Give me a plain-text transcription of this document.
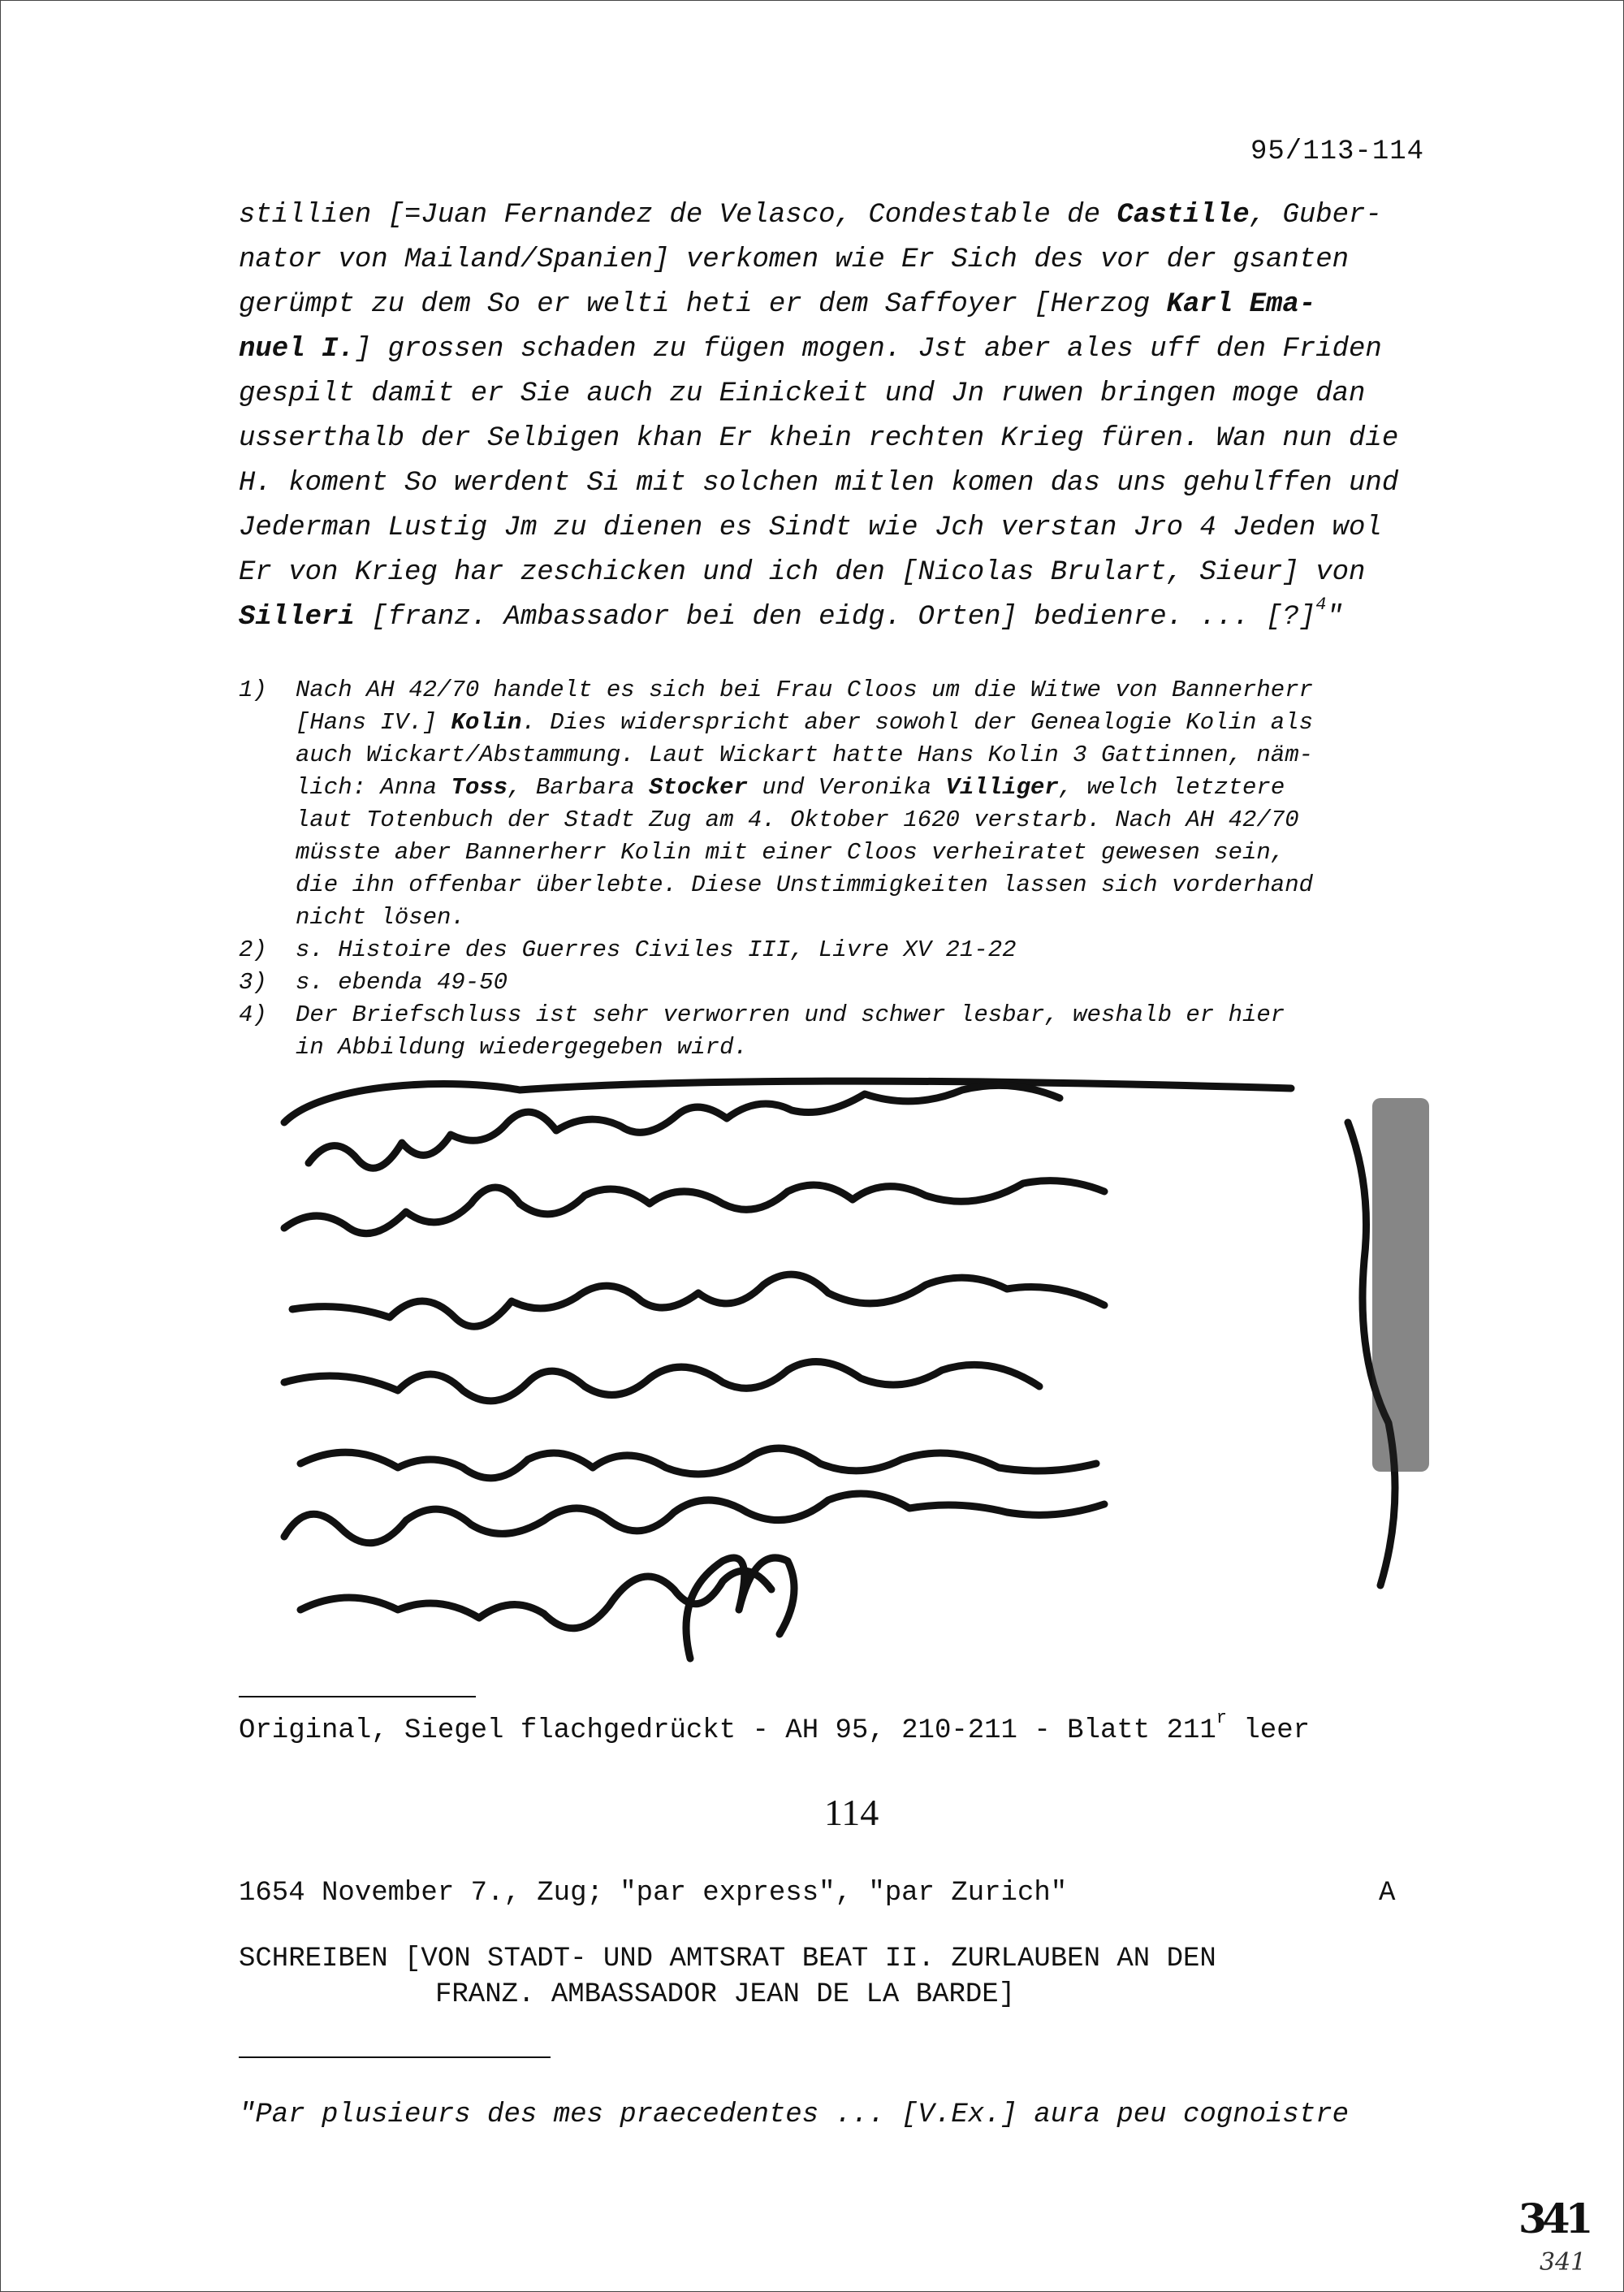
95/113-114
stillien [=Juan Fernandez de Velasco, Condestable de Castille, Guber-
nator von Mailand/Spanien] verkomen wie Er Sich des vor der gsanten
gerümpt zu dem So er welti heti er dem Saffoyer [Herzog Karl Ema-
nuel I.] grossen schaden zu fügen mogen. Jst aber ales uff den Friden
gespilt damit er Sie auch zu Einickeit und Jn ruwen bringen moge dan
usserthalb der Selbigen khan Er khein rechten Krieg füren. Wan nun die
H. koment So werdent Si mit solchen mitlen komen das uns gehulffen und
Jederman Lustig Jm zu dienen es Sindt wie Jch verstan Jro 4 Jeden wol
Er von Krieg har zeschicken und ich den [Nicolas Brulart, Sieur] von
Silleri [franz. Ambassador bei den eidg. Orten] bedienre. ... [?]$^4$"
1) Nach AH 42/70 handelt es sich bei Frau Cloos um die Witwe von Bannerherr
[Hans IV.] Kolin. Dies widerspricht aber sowohl der Genealogie Kolin als
auch Wickart/Abstammung. Laut Wickart hatte Hans Kolin 3 Gattinnen, näm-
lich: Anna Toss, Barbara Stocker und Veronika Villiger, welch letztere
laut Totenbuch der Stadt Zug am 4. Oktober 1620 verstarb. Nach AH 42/70
müsste aber Bannerherr Kolin mit einer Cloos verheiratet gewesen sein,
die ihn offenbar überlebte. Diese Unstimmigkeiten lassen sich vorderhand
nicht lösen.
2) s. Histoire des Guerres Civiles III, Livre XV 21-22
3) s. ebenda 49-50
4) Der Briefschluss ist sehr verworren und schwer lesbar, weshalb er hier
in Abbildung wiedergegeben wird.
Original, Siegel flachgedrückt - AH 95, 210-211 - Blatt 211$^r$ leer
114
1654 November 7., Zug; "par express", "par Zurich"	A
SCHREIBEN [VON STADT- UND AMTSRAT BEAT II. ZURLAUBEN AN DEN
FRANZ. AMBASSADOR JEAN DE LA BARDE]
"Par plusieurs des mes praecedentes ... [V.Ex.] aura peu cognoistre
341
341
